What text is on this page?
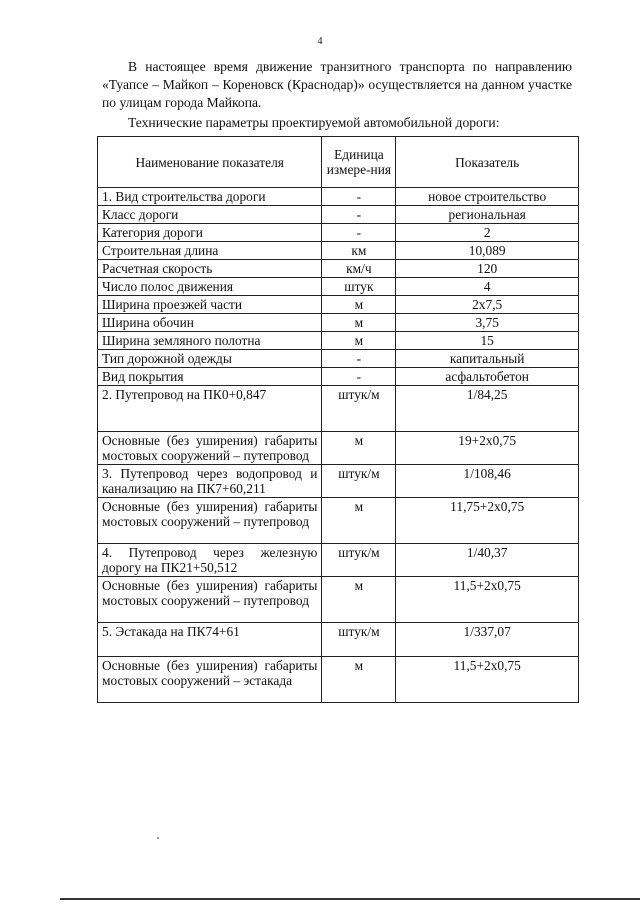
4

В настоящее время движение транзитного транспорта по направлению «Туапсе – Майкоп – Кореновск (Краснодар)» осуществляется на данном участке по улицам города Майкопа.

Технические параметры проектируемой автомобильной дороги:

Наименование показателя	Единица измере-ния	Показатель
1. Вид строительства дороги	-	новое строительство
Класс дороги	-	региональная
Категория дороги	-	2
Строительная длина	км	10,089
Расчетная скорость	км/ч	120
Число полос движения	штук	4
Ширина проезжей части	м	2х7,5
Ширина обочин	м	3,75
Ширина земляного полотна	м	15
Тип дорожной одежды	-	капитальный
Вид покрытия	-	асфальтобетон
2. Путепровод на ПК0+0,847	штук/м	1/84,25
Основные (без уширения) габариты мостовых сооружений – путепровод	м	19+2х0,75
3. Путепровод через водопровод и канализацию на ПК7+60,211	штук/м	1/108,46
Основные (без уширения) габариты мостовых сооружений – путепровод	м	11,75+2х0,75
4. Путепровод через железную дорогу на ПК21+50,512	штук/м	1/40,37
Основные (без уширения) габариты мостовых сооружений – путепровод	м	11,5+2х0,75
5. Эстакада на ПК74+61	штук/м	1/337,07
Основные (без уширения) габариты мостовых сооружений – эстакада	м	11,5+2х0,75
